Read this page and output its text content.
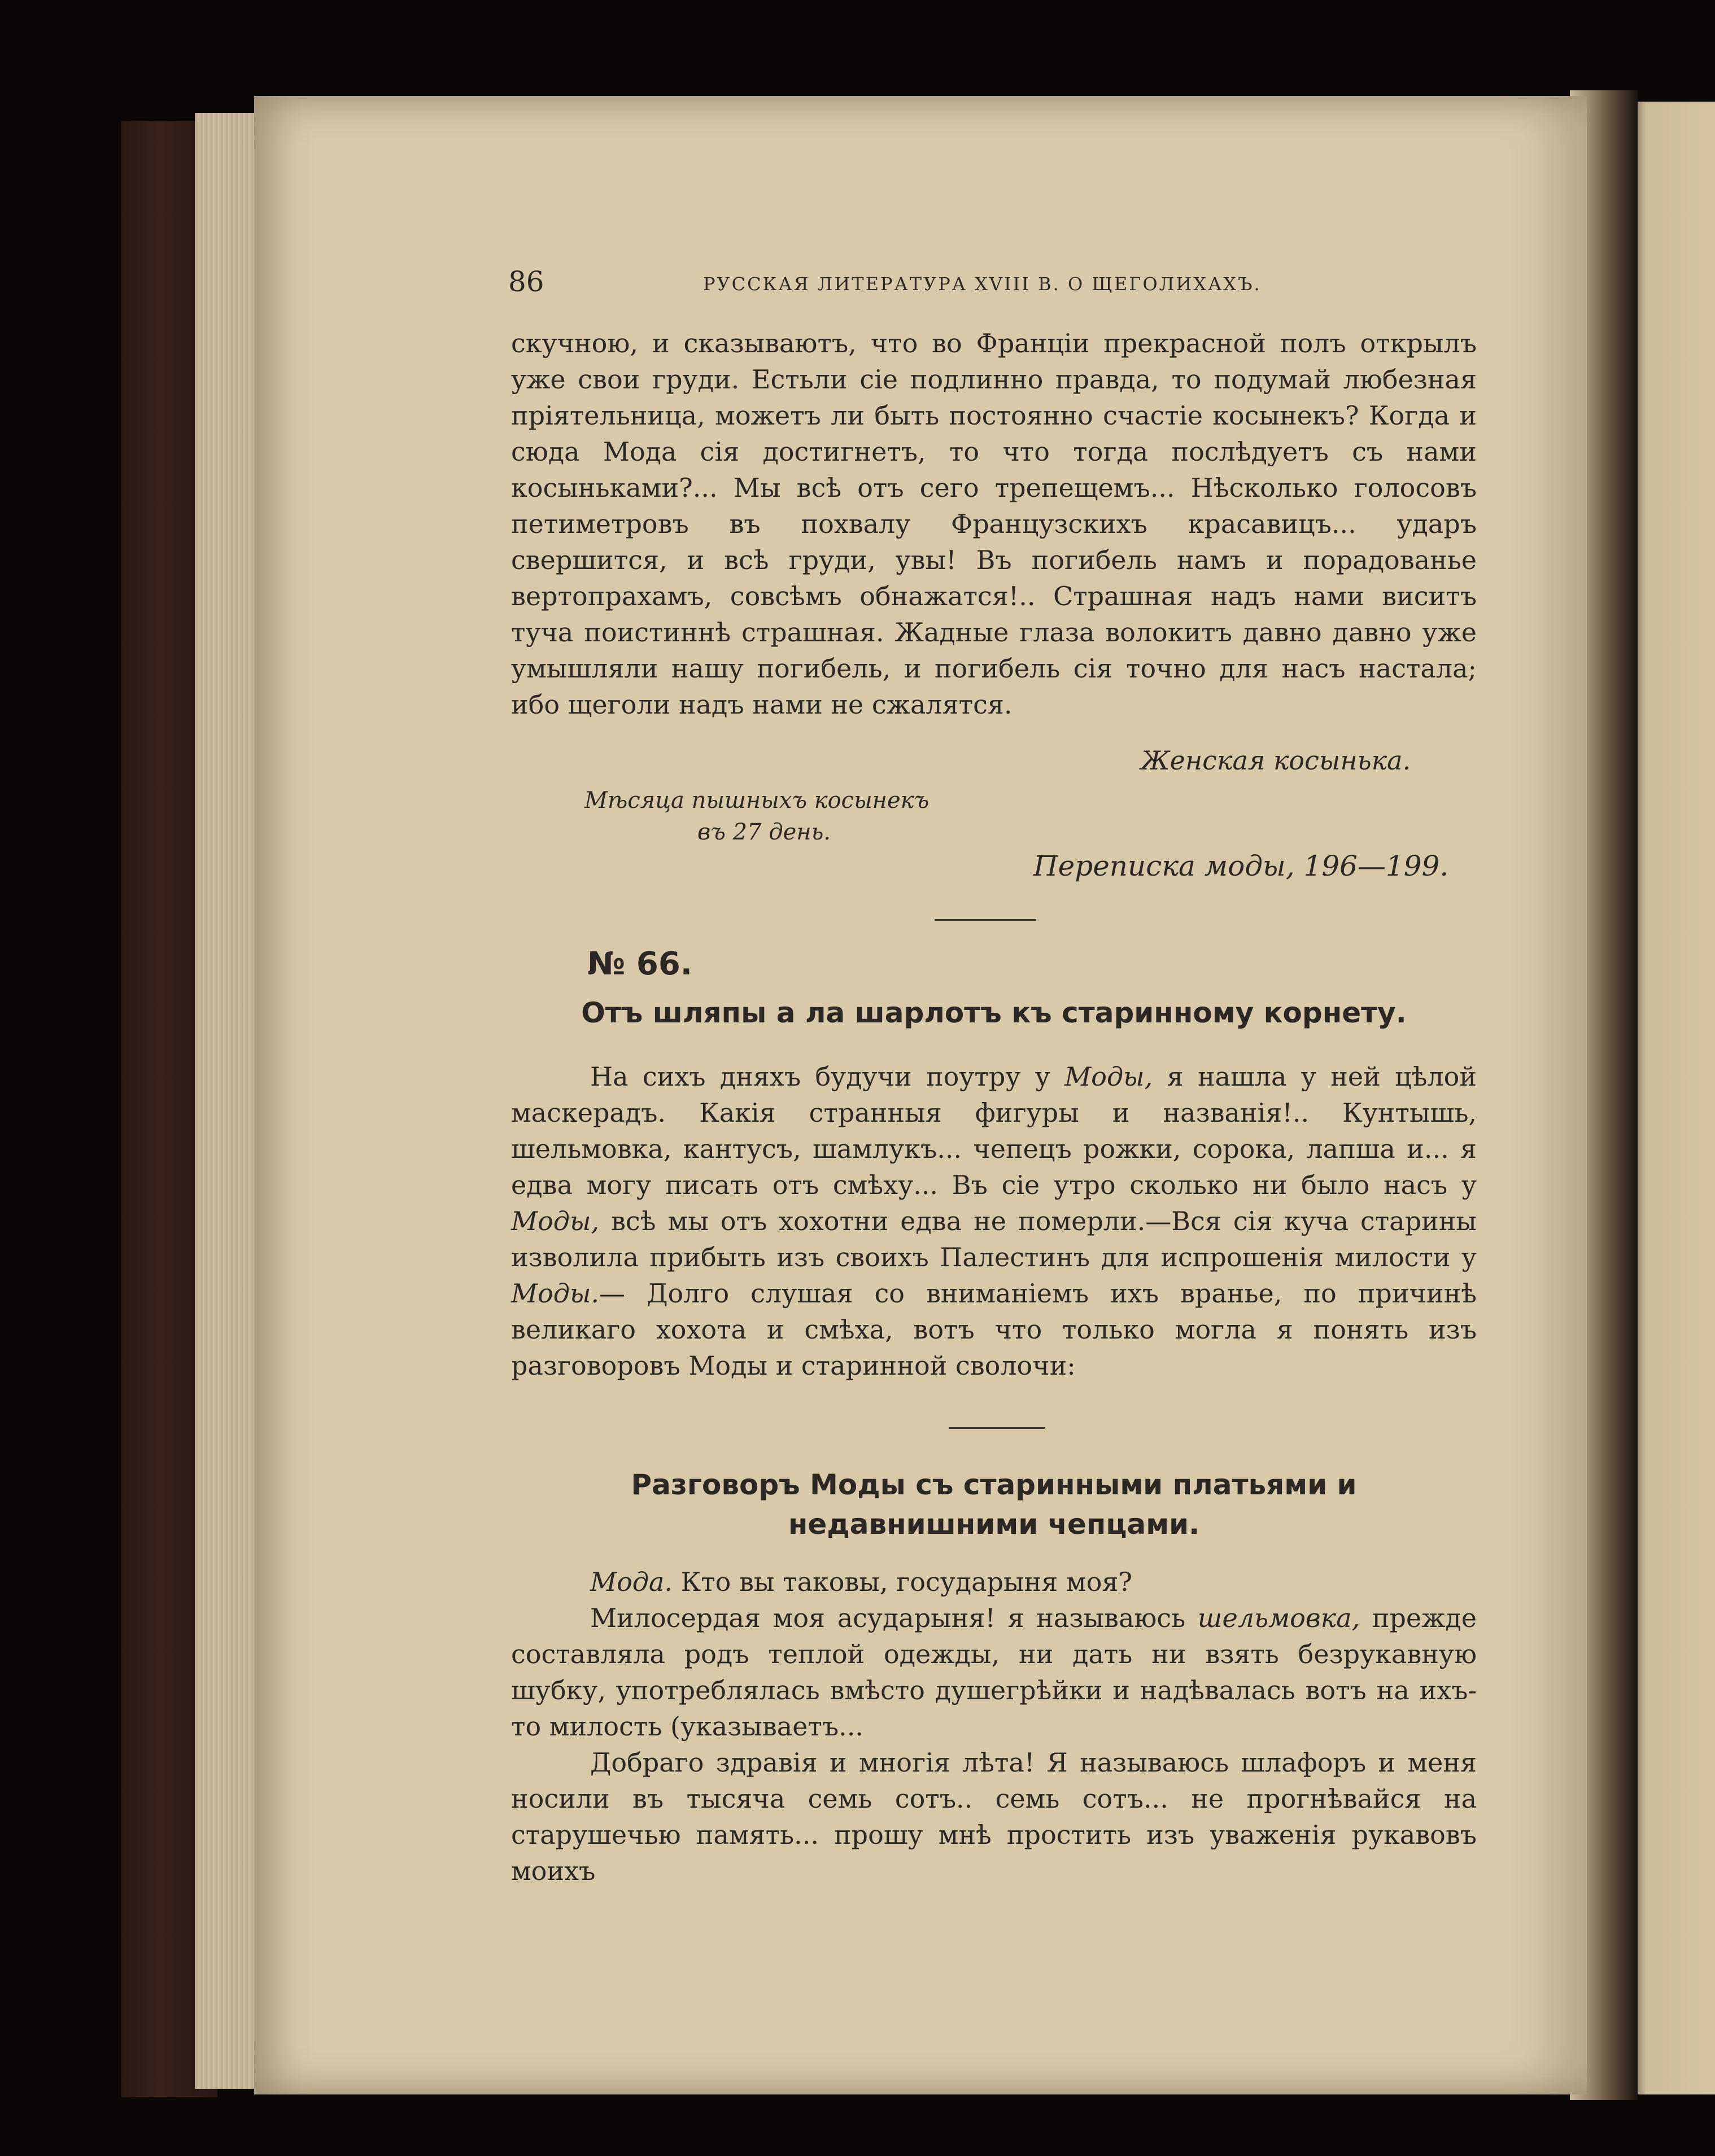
86	РУССКАЯ ЛИТЕРАТУРА XVIII В. О ЩЕГОЛИХАХЪ.

скучною, и сказываютъ, что во Франціи прекрасной полъ открылъ уже свои груди. Естьли сіе подлинно правда, то подумай любезная пріятельница, можетъ ли быть постоянно счастіе косынекъ? Когда и сюда Мода сія достигнетъ, то что тогда послѣдуетъ съ нами косыньками?... Мы всѣ отъ сего трепещемъ... Нѣсколько голосовъ петиметровъ въ похвалу Французскихъ красавицъ... ударъ свершится, и всѣ груди, увы! Въ погибель намъ и порадованье вертопрахамъ, совсѣмъ обнажатся!.. Страшная надъ нами виситъ туча поистиннѣ страшная. Жадные глаза волокитъ давно давно уже умышляли нашу погибель, и погибель сія точно для насъ настала; ибо щеголи надъ нами не сжалятся.

Женская косынька.
Мѣсяца пышныхъ косынекъ
въ 27 день.
Переписка моды, 196—199.
№ 66.
Отъ шляпы а ла шарлотъ къ старинному корнету.

На сихъ дняхъ будучи поутру у Моды, я нашла у ней цѣлой маскерадъ. Какія странныя фигуры и названія!.. Кунтышь, шельмовка, кантусъ, шамлукъ... чепецъ рожки, сорока, лапша и... я едва могу писать отъ смѣху... Въ сіе утро сколько ни было насъ у Моды, всѣ мы отъ хохотни едва не померли.—Вся сія куча старины изволила прибыть изъ своихъ Палестинъ для испрошенія милости у Моды.— Долго слушая со вниманіемъ ихъ вранье, по причинѣ великаго хохота и смѣха, вотъ что только могла я понять изъ разговоровъ Моды и старинной сволочи:

Разговоръ Моды съ старинными платьями и недавнишними чепцами.

Мода. Кто вы таковы, государыня моя?

Милосердая моя асударыня! я называюсь шельмовка, прежде составляла родъ теплой одежды, ни дать ни взять безрукавную шубку, употреблялась вмѣсто душегрѣйки и надѣвалась вотъ на ихъ-то милость (указываетъ...

Добраго здравія и многія лѣта! Я называюсь шлафоръ и меня носили въ тысяча семь сотъ.. семь сотъ... не прогнѣвайся на старушечью память... прошу мнѣ простить изъ уваженія рукавовъ моихъ
